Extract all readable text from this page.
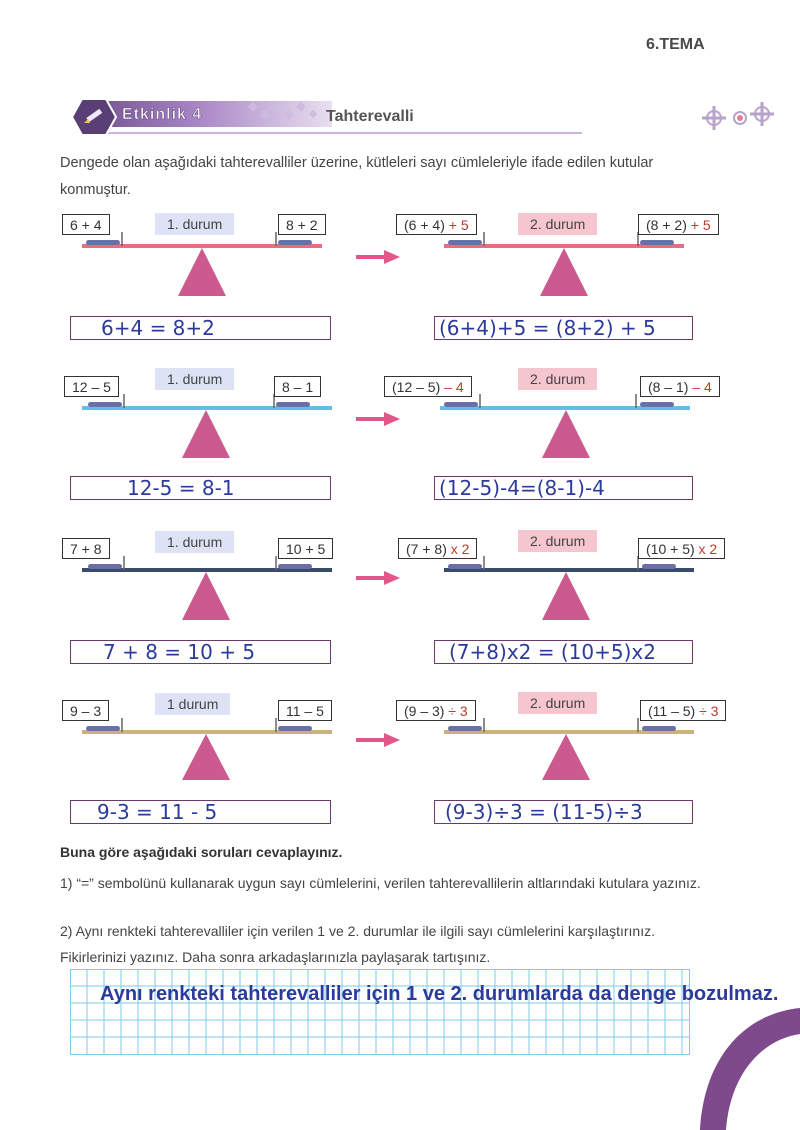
6.TEMA
Etkinlik 4	Tahterevalli
Dengede olan aşağıdaki tahterevalliler üzerine, kütleleri sayı cümleleriyle ifade edilen kutular konmuştur.
6 + 4	1. durum	8 + 2	(6 + 4) + 5	2. durum	(8 + 2) + 5
6+4 = 8+2	(6+4)+5 = (8+2) + 5
12 – 5	1. durum	8 – 1	(12 – 5) – 4	2. durum	(8 – 1) – 4
12-5 = 8-1	(12-5)-4=(8-1)-4
7 + 8	1. durum	10 + 5	(7 + 8) x 2	2. durum	(10 + 5) x 2
7 + 8 = 10 + 5	(7+8)x2 = (10+5)x2
9 – 3	1 durum	11 – 5	(9 – 3) ÷ 3	2. durum	(11 – 5) ÷ 3
9-3 = 11 - 5	(9-3)÷3 = (11-5)÷3
Buna göre aşağıdaki soruları cevaplayınız.
1) “=” sembolünü kullanarak uygun sayı cümlelerini, verilen tahterevallilerin altlarındaki kutulara yazınız.
2) Aynı renkteki tahterevalliler için verilen 1 ve 2. durumlar ile ilgili sayı cümlelerini karşılaştırınız. Fikirlerinizi yazınız. Daha sonra arkadaşlarınızla paylaşarak tartışınız.
Aynı renkteki tahterevalliler için 1 ve 2. durumlarda da denge bozulmaz.
